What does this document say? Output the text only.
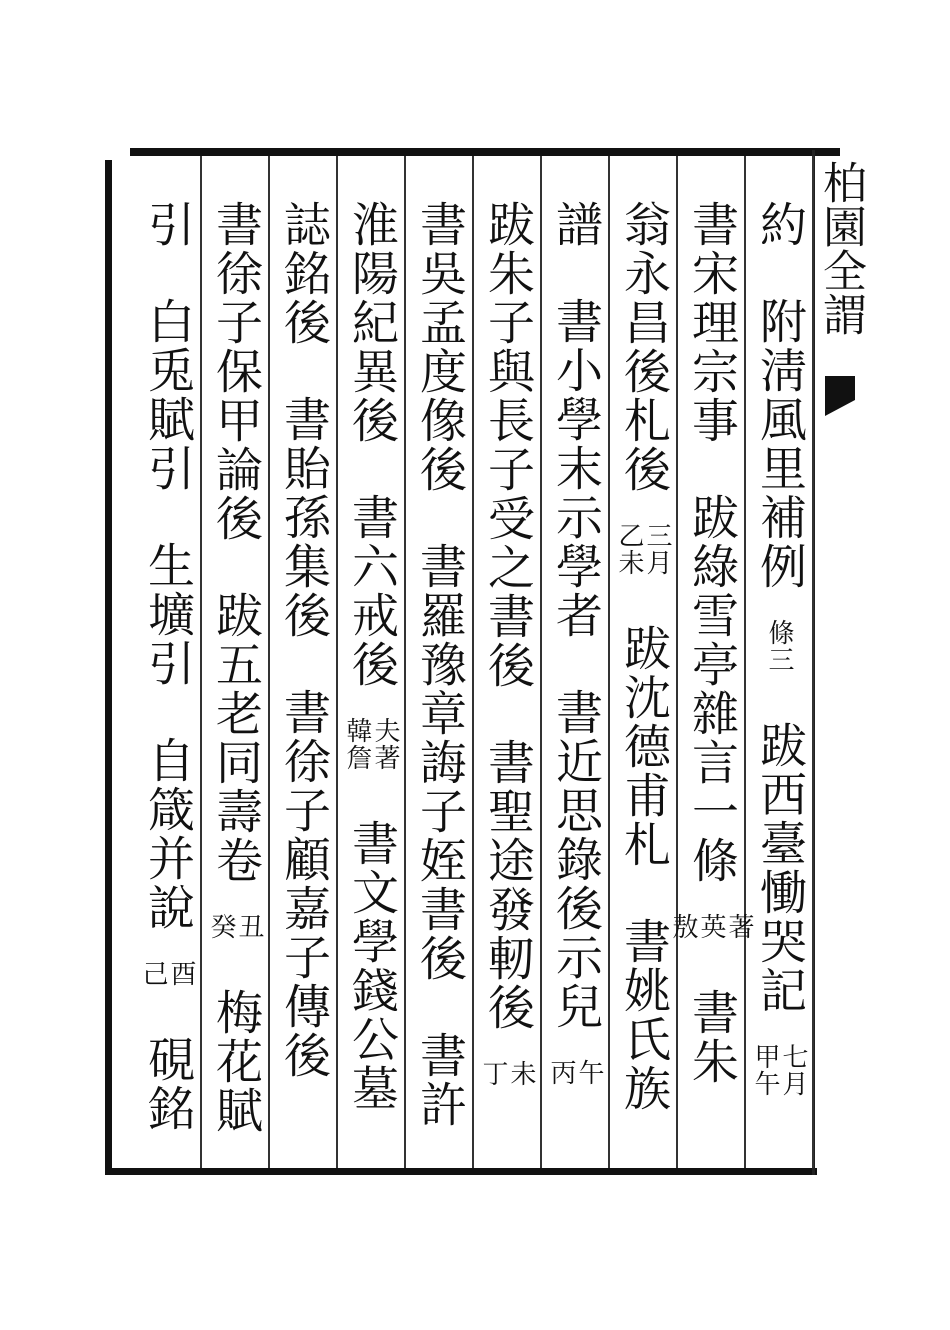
柏園全謂
約
附淸風里補例
條三
跋西臺慟哭記
七月
甲午
書宋理宗事
跋綠雪亭雜言一條
著
英
敖
書朱
翁永昌後札後
三月
乙未
跋沈德甫札
書姚氏族
譜
書小學末示學者
書近思錄後示兒
午
丙
跋朱子與長子受之書後
書聖途發軔後
未
丁
書吳孟度像後
書羅豫章誨子姪書後
書許
淮陽紀異後
書六戒後
夫著
韓詹
書文學錢公墓
誌銘後
書貽孫集後
書徐子顧嘉子傳後
書徐子保甲論後
跋五老同壽卷
丑
癸
梅花賦
引
白兎賦引
生壙引
自箴并說
酉
己
硯銘
